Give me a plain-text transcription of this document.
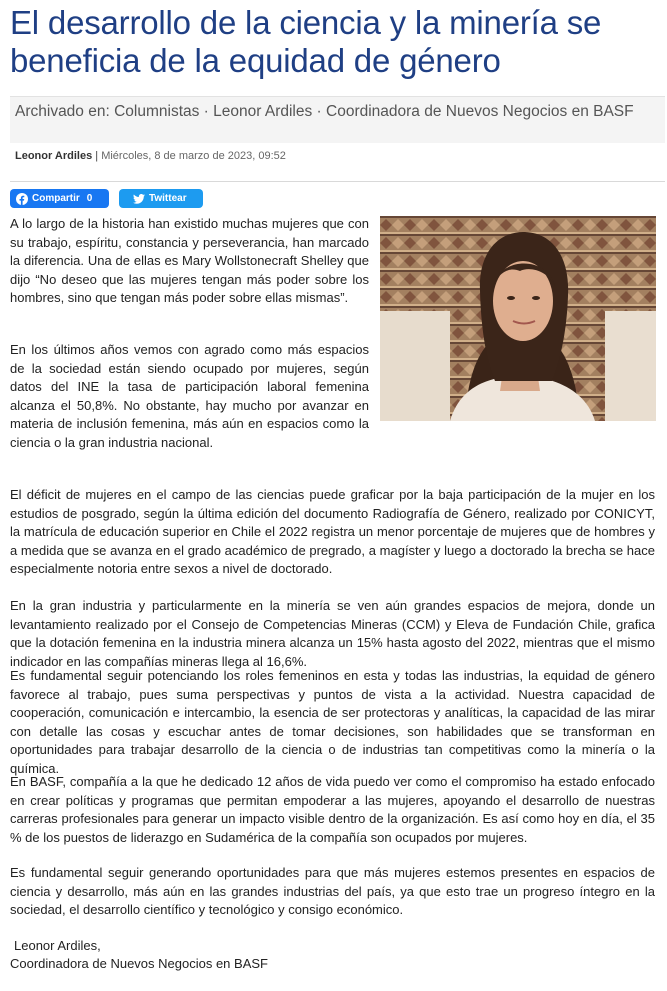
El desarrollo de la ciencia y la minería se beneficia de la equidad de género

Archivado en: Columnistas · Leonor Ardiles · Coordinadora de Nuevos Negocios en BASF

Leonor Ardiles | Miércoles, 8 de marzo de 2023, 09:52
Compartir 0	Twittear

A lo largo de la historia han existido muchas mujeres que con su trabajo, espíritu, constancia y perseverancia, han marcado la diferencia. Una de ellas es Mary Wollstonecraft Shelley que dijo “No deseo que las mujeres tengan más poder sobre los hombres, sino que tengan más poder sobre ellas mismas”.

En los últimos años vemos con agrado como más espacios de la sociedad están siendo ocupado por mujeres, según datos del INE la tasa de participación laboral femenina alcanza el 50,8%. No obstante, hay mucho por avanzar en materia de inclusión femenina, más aún en espacios como la ciencia o la gran industria nacional.

El déficit de mujeres en el campo de las ciencias puede graficar por la baja participación de la mujer en los estudios de posgrado, según la última edición del documento Radiografía de Género, realizado por CONICYT, la matrícula de educación superior en Chile el 2022 registra un menor porcentaje de mujeres que de hombres y a medida que se avanza en el grado académico de pregrado, a magíster y luego a doctorado la brecha se hace especialmente notoria entre sexos a nivel de doctorado.

En la gran industria y particularmente en la minería se ven aún grandes espacios de mejora, donde un levantamiento realizado por el Consejo de Competencias Mineras (CCM) y Eleva de Fundación Chile, grafica que la dotación femenina en la industria minera alcanza un 15% hasta agosto del 2022, mientras que el mismo indicador en las compañías mineras llega al 16,6%.

Es fundamental seguir potenciando los roles femeninos en esta y todas las industrias, la equidad de género favorece al trabajo, pues suma perspectivas y puntos de vista a la actividad. Nuestra capacidad de cooperación, comunicación e intercambio, la esencia de ser protectoras y analíticas, la capacidad de las mirar con detalle las cosas y escuchar antes de tomar decisiones, son habilidades que se transforman en oportunidades para trabajar desarrollo de la ciencia o de industrias tan competitivas como la minería o la química.

En BASF, compañía a la que he dedicado 12 años de vida puedo ver como el compromiso ha estado enfocado en crear políticas y programas que permitan empoderar a las mujeres, apoyando el desarrollo de nuestras carreras profesionales para generar un impacto visible dentro de la organización. Es así como hoy en día, el 35 % de los puestos de liderazgo en Sudamérica de la compañía son ocupados por mujeres.

Es fundamental seguir generando oportunidades para que más mujeres estemos presentes en espacios de ciencia y desarrollo, más aún en las grandes industrias del país, ya que esto trae un progreso íntegro en la sociedad, el desarrollo científico y tecnológico y consigo económico.

Leonor Ardiles,

Coordinadora de Nuevos Negocios en BASF
